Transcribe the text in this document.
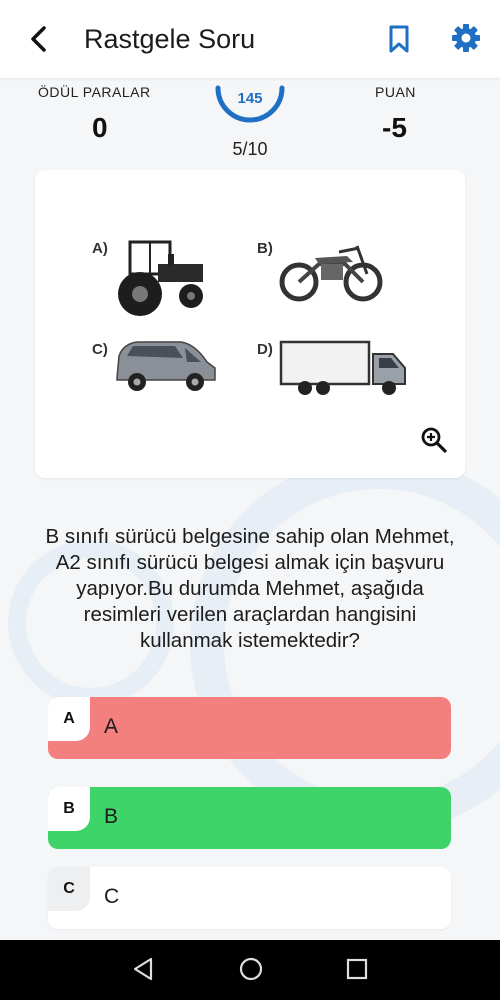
Rastgele Soru
ÖDÜL PARALAR
0
145
5/10
PUAN
-5
A)	B)
C)	D)
B sınıfı sürücü belgesine sahip olan Mehmet, A2 sınıfı sürücü belgesi almak için başvuru yapıyor.Bu durumda Mehmet, aşağıda resimleri verilen araçlardan hangisini kullanmak istemektedir?
A	A
B	B
C	C
